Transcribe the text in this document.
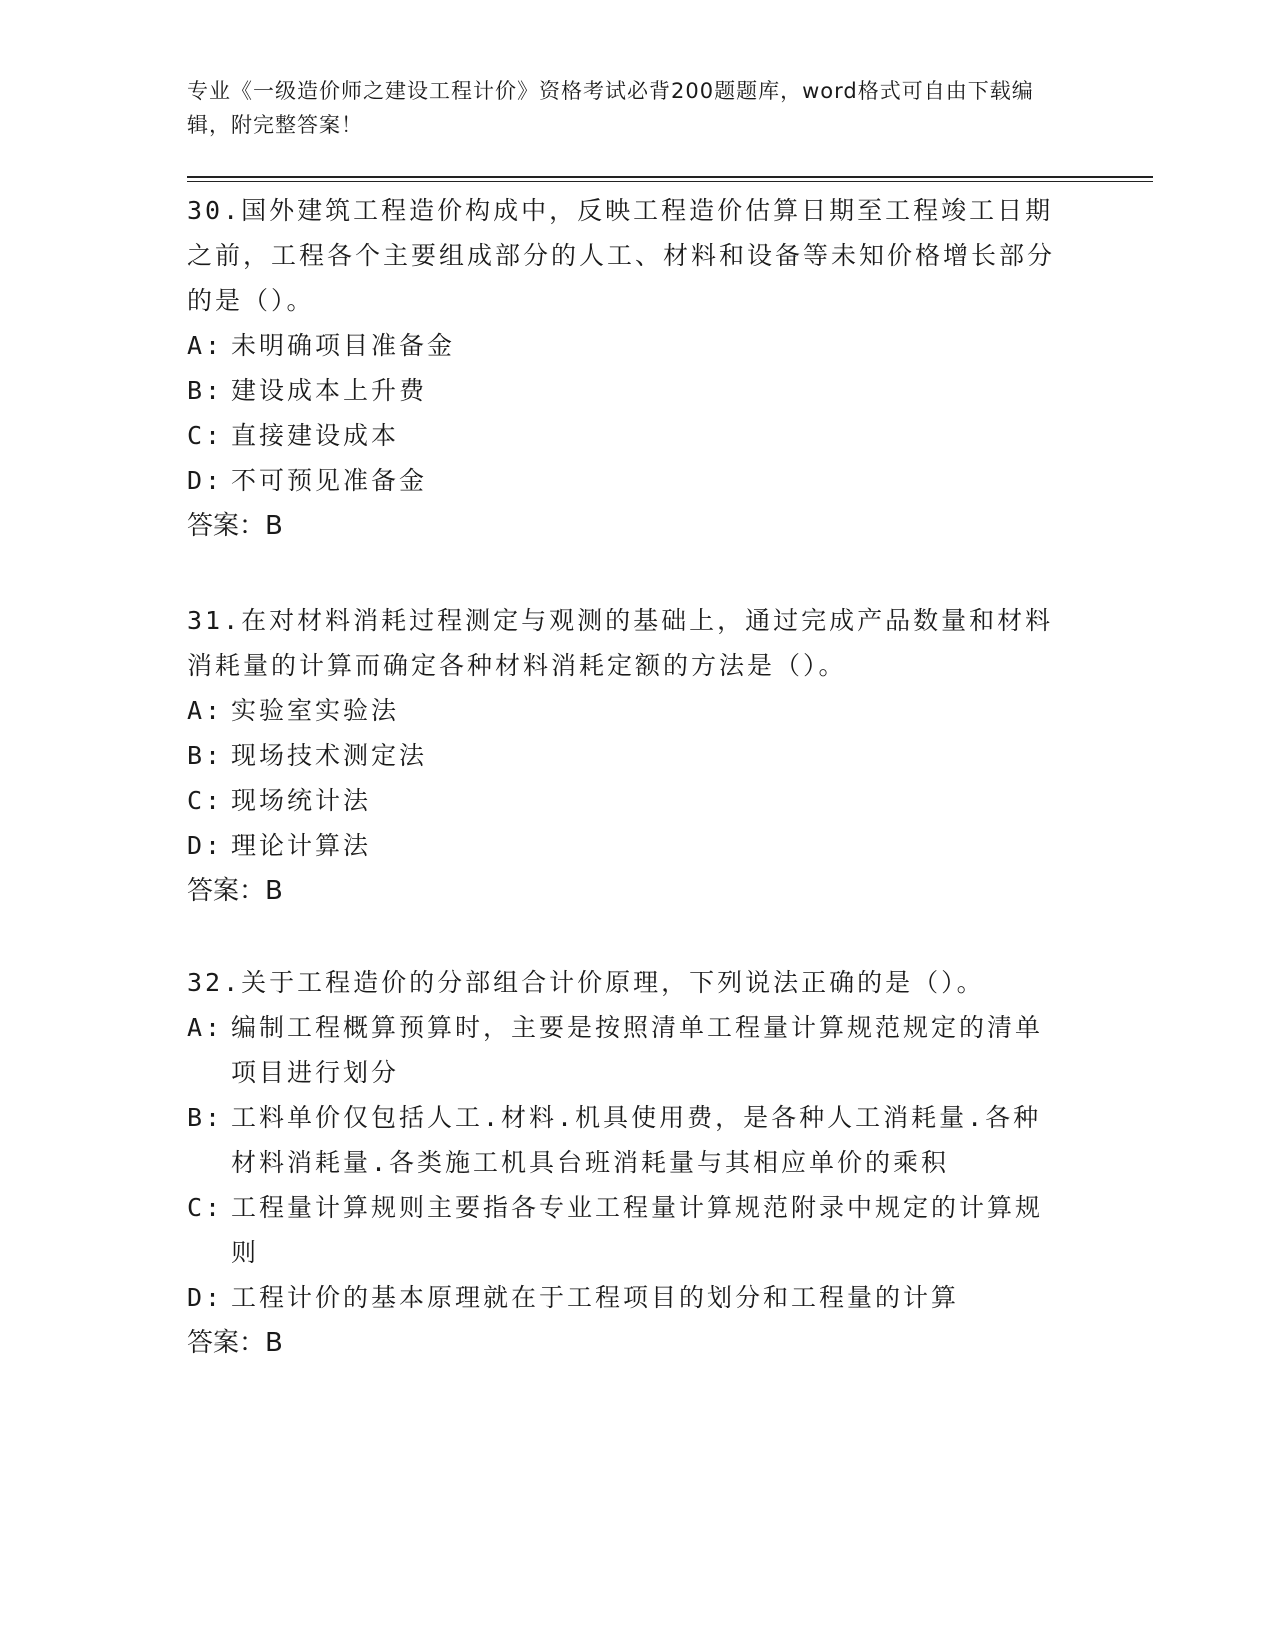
专业《一级造价师之建设工程计价》资格考试必背200题题库，word格式可自由下载编辑，附完整答案！

30.国外建筑工程造价构成中，反映工程造价估算日期至工程竣工日期之前，工程各个主要组成部分的人工、材料和设备等未知价格增长部分的是（）。

A: 未明确项目准备金
B: 建设成本上升费
C: 直接建设成本
D: 不可预见准备金

答案：B

31.在对材料消耗过程测定与观测的基础上，通过完成产品数量和材料消耗量的计算而确定各种材料消耗定额的方法是（）。

A: 实验室实验法
B: 现场技术测定法
C: 现场统计法
D: 理论计算法

答案：B

32.关于工程造价的分部组合计价原理，下列说法正确的是（）。

A: 编制工程概算预算时，主要是按照清单工程量计算规范规定的清单项目进行划分
B: 工料单价仅包括人工.材料.机具使用费，是各种人工消耗量.各种材料消耗量.各类施工机具台班消耗量与其相应单价的乘积
C: 工程量计算规则主要指各专业工程量计算规范附录中规定的计算规则
D: 工程计价的基本原理就在于工程项目的划分和工程量的计算

答案：B
